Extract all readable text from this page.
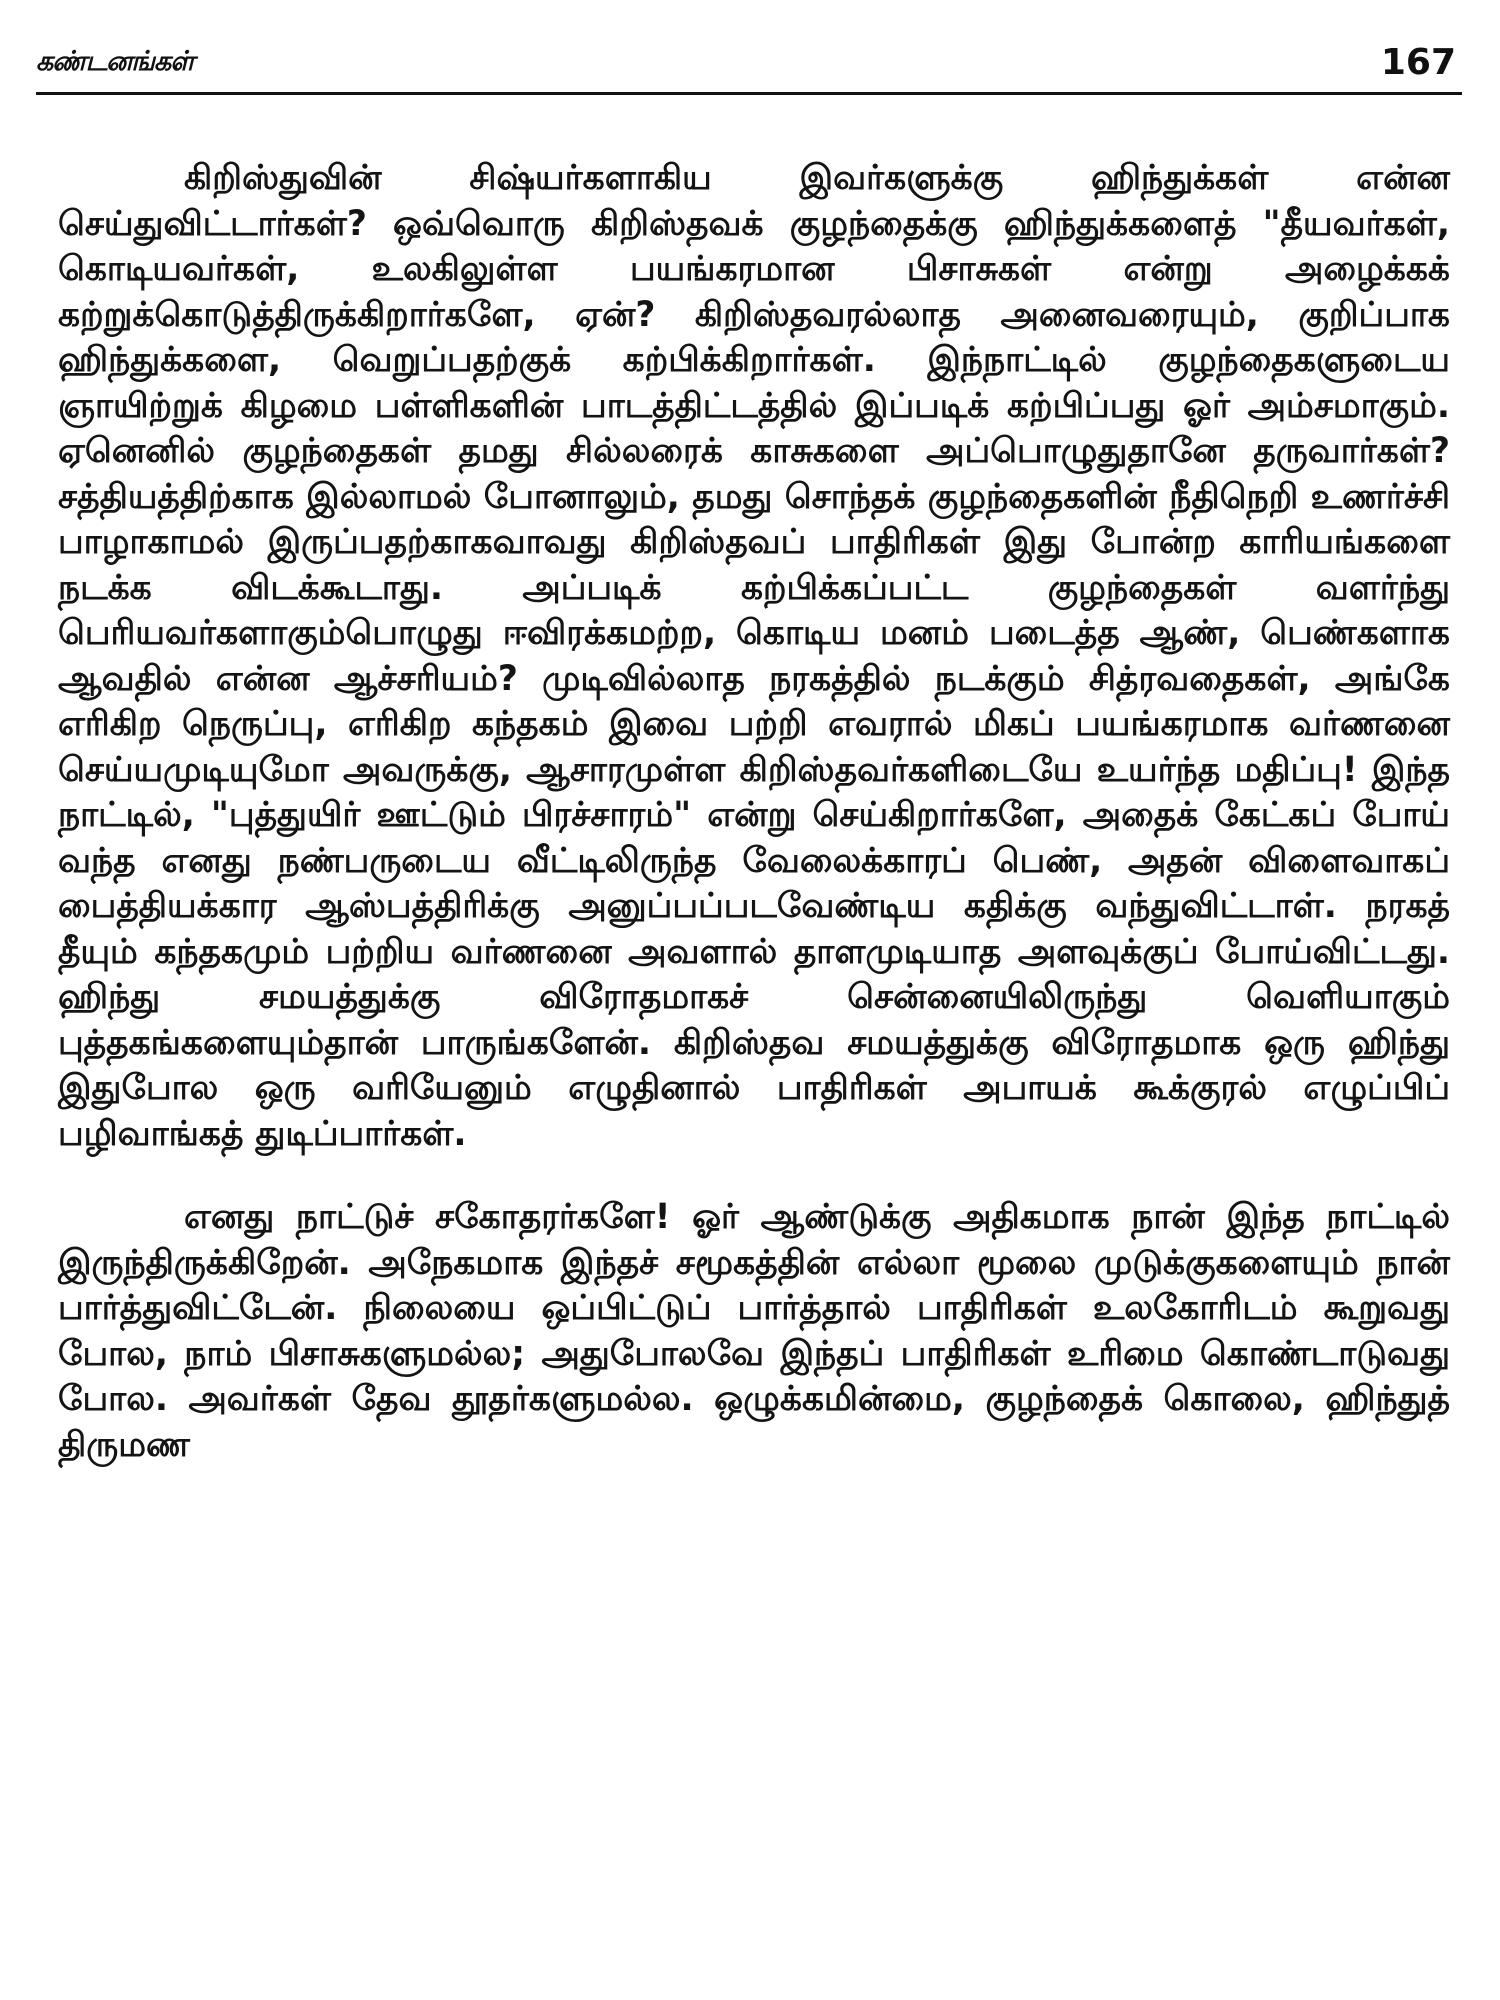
கண்டனங்கள்	167

கிறிஸ்துவின் சிஷ்யர்களாகிய இவர்களுக்கு ஹிந்துக்கள் என்ன செய்துவிட்டார்கள்? ஒவ்வொரு கிறிஸ்தவக் குழந்தைக்கு ஹிந்துக்களைத் "தீயவர்கள், கொடியவர்கள், உலகிலுள்ள பயங்கரமான பிசாசுகள் என்று அழைக்கக் கற்றுக்கொடுத்திருக்கிறார்களே, ஏன்? கிறிஸ்தவரல்லாத அனைவரையும், குறிப்பாக ஹிந்துக்களை, வெறுப்பதற்குக் கற்பிக்கிறார்கள். இந்நாட்டில் குழந்தைகளுடைய ஞாயிற்றுக் கிழமை பள்ளிகளின் பாடத்திட்டத்தில் இப்படிக் கற்பிப்பது ஓர் அம்சமாகும். ஏனெனில் குழந்தைகள் தமது சில்லரைக் காசுகளை அப்பொழுதுதானே தருவார்கள்? சத்தியத்திற்காக இல்லாமல் போனாலும், தமது சொந்தக் குழந்தைகளின் நீதிநெறி உணர்ச்சி பாழாகாமல் இருப்பதற்காகவாவது கிறிஸ்தவப் பாதிரிகள் இது போன்ற காரியங்களை நடக்க விடக்கூடாது. அப்படிக் கற்பிக்கப்பட்ட குழந்தைகள் வளர்ந்து பெரியவர்களாகும்பொழுது ஈவிரக்கமற்ற, கொடிய மனம் படைத்த ஆண், பெண்களாக ஆவதில் என்ன ஆச்சரியம்? முடிவில்லாத நரகத்தில் நடக்கும் சித்ரவதைகள், அங்கே எரிகிற நெருப்பு, எரிகிற கந்தகம் இவை பற்றி எவரால் மிகப் பயங்கரமாக வர்ணனை செய்யமுடியுமோ அவருக்கு, ஆசாரமுள்ள கிறிஸ்தவர்களிடையே உயர்ந்த மதிப்பு! இந்த நாட்டில், "புத்துயிர் ஊட்டும் பிரச்சாரம்" என்று செய்கிறார்களே, அதைக் கேட்கப் போய் வந்த எனது நண்பருடைய வீட்டிலிருந்த வேலைக்காரப் பெண், அதன் விளைவாகப் பைத்தியக்கார ஆஸ்பத்திரிக்கு அனுப்பப்படவேண்டிய கதிக்கு வந்துவிட்டாள். நரகத் தீயும் கந்தகமும் பற்றிய வர்ணனை அவளால் தாளமுடியாத அளவுக்குப் போய்விட்டது. ஹிந்து சமயத்துக்கு விரோதமாகச் சென்னையிலிருந்து வெளியாகும் புத்தகங்களையும்தான் பாருங்களேன். கிறிஸ்தவ சமயத்துக்கு விரோதமாக ஒரு ஹிந்து இதுபோல ஒரு வரியேனும் எழுதினால் பாதிரிகள் அபாயக் கூக்குரல் எழுப்பிப் பழிவாங்கத் துடிப்பார்கள்.

எனது நாட்டுச் சகோதரர்களே! ஓர் ஆண்டுக்கு அதிகமாக நான் இந்த நாட்டில் இருந்திருக்கிறேன். அநேகமாக இந்தச் சமூகத்தின் எல்லா மூலை முடுக்குகளையும் நான் பார்த்துவிட்டேன். நிலையை ஒப்பிட்டுப் பார்த்தால் பாதிரிகள் உலகோரிடம் கூறுவது போல, நாம் பிசாசுகளுமல்ல; அதுபோலவே இந்தப் பாதிரிகள் உரிமை கொண்டாடுவது போல. அவர்கள் தேவ தூதர்களுமல்ல. ஒழுக்கமின்மை, குழந்தைக் கொலை, ஹிந்துத் திருமண
